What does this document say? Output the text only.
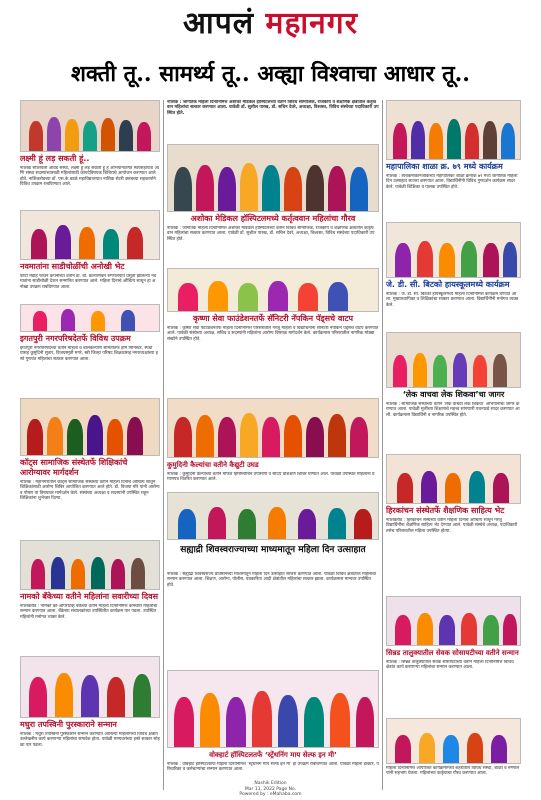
आपलं महानगर
शक्ती तू.. सामर्थ्य तू.. अव्ह्या विश्वाचा आधार तू..
लक्ष्मी हूं लड़ सकती हूं..
नाशिक सोशियली आवेर्ड संस्था, लक्ष्मी हूं लड़ सकती हूं हे अभियानांतर्गत स्वंयंसहायता आणि संस्था सदस्यांच्यासाठी महिलांसाठी कायदेविषयक शिबिराचे आयोजन करण्यात आले होते. नाशिकरोडच्या डॉ. एस.के.काळे महाविद्यालयात नाशिक रोटरी क्लबच्या सहकार्याने विविध उपक्रम राबविण्यात आले.
नवमातांना साडीचोळींची अनोखी भेट
फोटो मेडीह फाउन कंपनीच्या वतीने डॉ. बी. कल्याणकर रुग्णालयात प्रसूती झालेल्या नवमातांना साडीचोळी देऊन सन्मानित करण्यात आले. महिला दिनाचे औचित्य साधून हा अनोखा उपक्रम राबविण्यात आला.
इगतपुरी नगरपरिषदेतर्फे विविध उपक्रम
इगतपुरी नगरपरिषदेच्या वतीने महिला व बालकल्याण समितीतर्फे होम मिनिस्टर, स्पर्धा यासह कुमुदिनी सुतार, विजयस्मृती मगरे, स्त्री जिल्हा परिषद शिक्षकांसह नगराध्यक्षांच्या हस्ते गुणवंत महिलांचा सत्कार करण्यात आला.
कॉट्स सामाजिक संस्थेतर्फे शिक्षिकांचे आरोग्यावर मार्गदर्शन
नाशिक : महानगरातील कॉट्स सामाजिक संस्थेच्या वतीने महिला दिनाचे औचित्य साधून शिक्षिकांसाठी आरोग्य शिबिर आयोजित करण्यात आले होते. डॉ. विजया मोरे यांनी आरोग्य व पोषण या विषयावर मार्गदर्शन केले. संस्थेच्या अध्यक्षा व सदस्यांनी उपस्थित राहून शिक्षिकांना शुभेच्छा दिल्या.
नामको बँकेच्या वतीने महिलांना सवारीच्या दिवस
नाशिकरोड : नामको को-ऑपरेटिव्ह बँकेच्या वतीने महिला दिनानिमित्त कर्मचारी महिलांचा सन्मान करण्यात आला. बँकेच्या संचालकांच्या उपस्थितीत कार्यक्रम पार पडला. उपस्थित महिलांनी मनोगत व्यक्त केले.
मधुरा तपस्विनी पुरस्काराने सन्मान
नाशिक : मधुरा तपस्विनी पुरस्काराने सन्मान करण्यात आलेल्या महिलांमध्ये विविध क्षेत्रांत उल्लेखनीय कार्य करणाऱ्या महिलांचा समावेश होता. यावेळी मान्यवरांच्या हस्ते सत्कार सोहळा पार पडला.
नाशिक : जागतिक महिला दिनानिमित्त अशोका मेडिकल हॉस्पिटलच्या वतीने विविध सामाजिक, राजकीय व शैक्षणिक क्षेत्रातील कर्तृत्ववान महिलांचा सत्कार करण्यात आला. यावेळी डॉ. सुशील पारख, डॉ. सचिन देवरे, अध्यक्षा, विश्वस्त, विविध संस्थेच्या पदाधिकारी उपस्थित होते.
अशोका मेडिकल हॉस्पिटलमध्ये कर्तृत्ववान महिलांचा गौरव
नाशिक : जागतिक महिला दिनानिमित्त अशोका मेडिकल हॉस्पिटलच्या वतीने विविध सामाजिक, राजकीय व शैक्षणिक क्षेत्रातील कर्तृत्ववान महिलांचा सत्कार करण्यात आला. यावेळी डॉ. सुशील पारख, डॉ. सचिन देवरे, अध्यक्षा, विश्वस्त, विविध संस्थेच्या पदाधिकारी उपस्थित होते.
कृष्णा सेवा फाउंडेशनतर्फे सॅनिटरी नॅपकिन पॅड्सचे वाटप
नाशिक : कृष्णा सेवा फाउंडेशनतर्फे महिला दिनानिमित्त परिसरातील गरजू महिला व विद्यार्थिनींना सॅनिटरी नॅपकिन पॅड्सचे वाटप करण्यात आले. यावेळी संस्थेच्या अध्यक्ष, सचिव व सदस्यांनी महिलांना आरोग्य विषयक मार्गदर्शन केले. कार्यक्रमास परिसरातील नागरिक मोठ्या संख्येने उपस्थित होते.
कुमुदिनी कैल्यांचा वतीने कैद्युटी उघड
नाशिक : कुमुदिनी कैल्यांच्या वतीने मोफत हिमोग्लोबिन तपासणी व सौंदर्य प्रशिक्षण शिबिर घेण्यात आले. यावेळी उपस्थित महिलांना प्रमाणपत्र वितरित करण्यात आले.
सह्याद्री शिवस्वराज्याच्या माध्यमातून महिला दिन उत्साहात
नाशिक : सह्याद्री शिवस्वराज्य प्रतिष्ठानच्या माध्यमातून महिला दिन उत्साहात साजरा करण्यात आला. यावेळी विविध क्षेत्रांतील महिलांचा सन्मान करण्यात आला. शिक्षण, आरोग्य, पोलीस, पत्रकारिता आदी क्षेत्रांतील महिलांचा सत्कार झाला. कार्यक्रमास मान्यवर उपस्थित होते.
वोक्हार्ट हॉस्पिटलतर्फे ‘स्ट्रेंथनिंग माय सेल्फ इन मी’
नाशिक : वोक्हार्ट हॉस्पिटलतर्फे महिला दिनानिमित्त ‘स्ट्रेंथनिंग माय सेल्फ इन मी’ हा उपक्रम राबविण्यात आला. यावेळी महिला डॉक्टर, परिचारिका व कर्मचाऱ्यांचा सन्मान करण्यात आला.
महापालिका शाळा क्र. ७९ मध्ये कार्यक्रम
नाशिक : त्र्यंबकनाकानजीकच्या महापालिका शाळा क्रमांक ७९ मध्ये जागतिक महिला दिन उत्साहात साजरा करण्यात आला. विद्यार्थिनींनी विविध गुणदर्शन कार्यक्रम सादर केले. यावेळी शिक्षिका व पालक उपस्थित होते.
जे. डी. सी. बिटको हायस्कूलमध्ये कार्यक्रम
नाशिक : जे. डी. सी. बिटको हायस्कूलमध्ये महिला दिनानिमित्त कार्यक्रम घेण्यात आला. मुख्याध्यापिका व शिक्षिकांचा सत्कार करण्यात आला. विद्यार्थिनींनी मनोगत व्यक्त केले.
‘लेक वाचवा लेक शिकवा’चा जागर
नाशिक : सामाजिक संस्थांच्या वतीने ‘लेक वाचवा लेक शिकवा’ अभियानाचा जागर करण्यात आला. यावेळी मुलींच्या शिक्षणाचे महत्त्व सांगणारी पथनाट्ये सादर करण्यात आली. कार्यक्रमास विद्यार्थिनी व नागरिक उपस्थित होते.
हिरकांचन संस्थेतर्फे शैक्षणिक साहित्य भेट
नाशिकरोड : हिरकांचन संस्थेच्या वतीने महिला दिनाचे औचित्य साधून गरजू विद्यार्थिनींना शैक्षणिक साहित्य भेट देण्यात आले. यावेळी संस्थेचे अध्यक्ष, पदाधिकारी तसेच परिसरातील महिला उपस्थित होत्या.
सिन्नड तालुक्यातील सेवक सोसायटीच्या वतीने सन्मान
नाशिक : सिन्नड तालुक्यातील सेवक सोसायटीच्या वतीने महिला दिनानिमित्त विविध क्षेत्रांत कार्य करणाऱ्या महिलांचा सन्मान करण्यात आला.
महिला दिनानिमित्त आयोजित कार्यक्रमांमध्ये शहरातील विविध संस्था, शाळा व रुग्णालयांनी सहभाग घेतला. महिलांच्या कर्तृत्वाचा गौरव करण्यात आला.
Nashik Edition
Mar 11, 2022 Page No.
Powered by : eMahaba.com
